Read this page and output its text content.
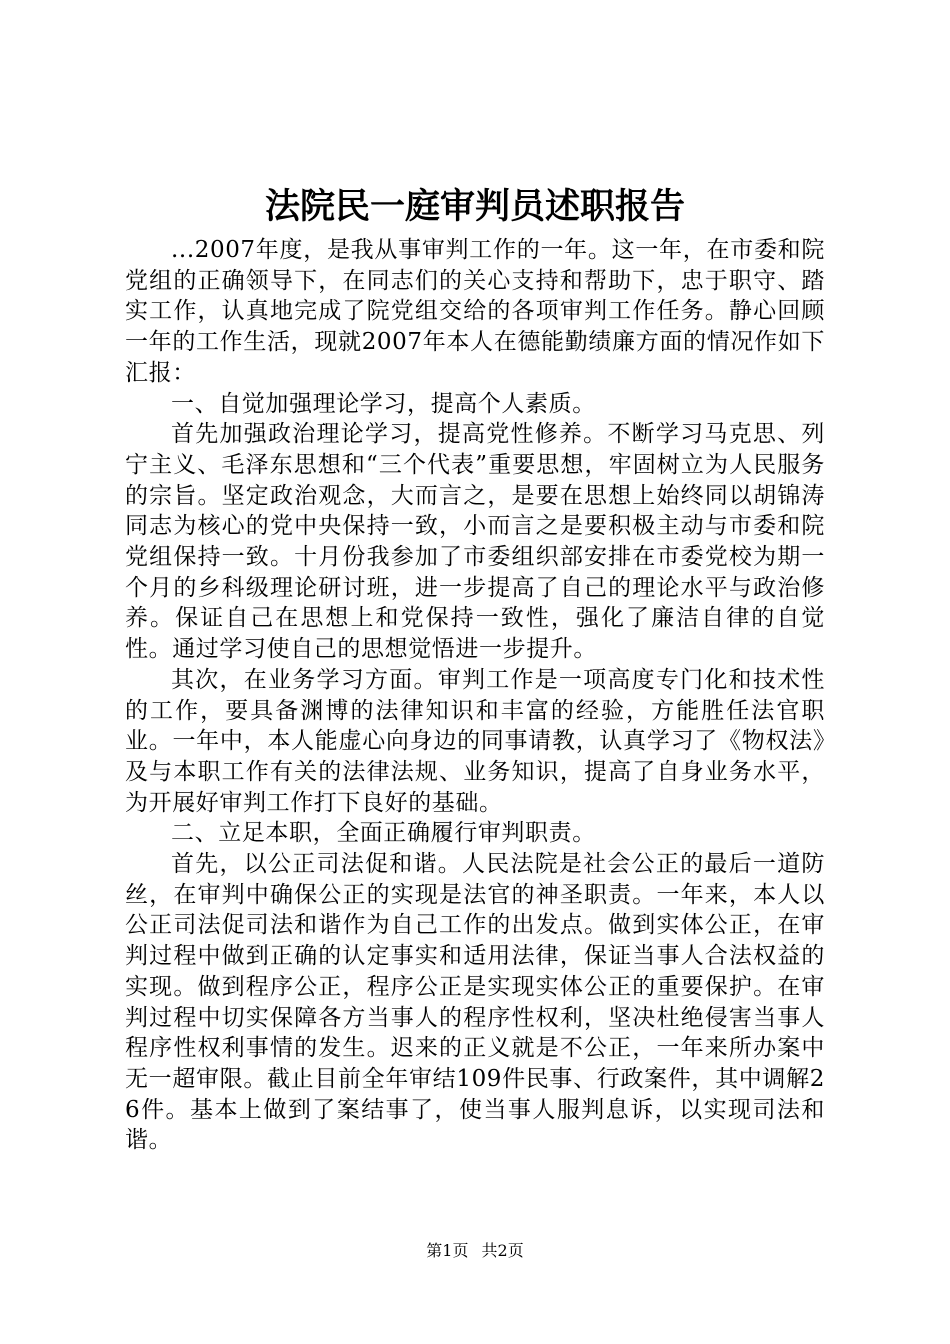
法院民一庭审判员述职报告

...2007年度，是我从事审判工作的一年。这一年，在市委和院党组的正确领导下，在同志们的关心支持和帮助下，忠于职守、踏实工作，认真地完成了院党组交给的各项审判工作任务。静心回顾一年的工作生活，现就2007年本人在德能勤绩廉方面的情况作如下汇报：

一、自觉加强理论学习，提高个人素质。

首先加强政治理论学习，提高党性修养。不断学习马克思、列宁主义、毛泽东思想和“三个代表”重要思想，牢固树立为人民服务的宗旨。坚定政治观念，大而言之，是要在思想上始终同以胡锦涛同志为核心的党中央保持一致，小而言之是要积极主动与市委和院党组保持一致。十月份我参加了市委组织部安排在市委党校为期一个月的乡科级理论研讨班，进一步提高了自己的理论水平与政治修养。保证自己在思想上和党保持一致性，强化了廉洁自律的自觉性。通过学习使自己的思想觉悟进一步提升。

其次，在业务学习方面。审判工作是一项高度专门化和技术性的工作，要具备渊博的法律知识和丰富的经验，方能胜任法官职业。一年中，本人能虚心向身边的同事请教，认真学习了《物权法》及与本职工作有关的法律法规、业务知识，提高了自身业务水平，为开展好审判工作打下良好的基础。

二、立足本职，全面正确履行审判职责。

首先，以公正司法促和谐。人民法院是社会公正的最后一道防丝，在审判中确保公正的实现是法官的神圣职责。一年来，本人以公正司法促司法和谐作为自己工作的出发点。做到实体公正，在审判过程中做到正确的认定事实和适用法律，保证当事人合法权益的实现。做到程序公正，程序公正是实现实体公正的重要保护。在审判过程中切实保障各方当事人的程序性权利，坚决杜绝侵害当事人程序性权利事情的发生。迟来的正义就是不公正，一年来所办案中无一超审限。截止目前全年审结109件民事、行政案件，其中调解26件。基本上做到了案结事了，使当事人服判息诉，以实现司法和谐。

第1页 共2页
